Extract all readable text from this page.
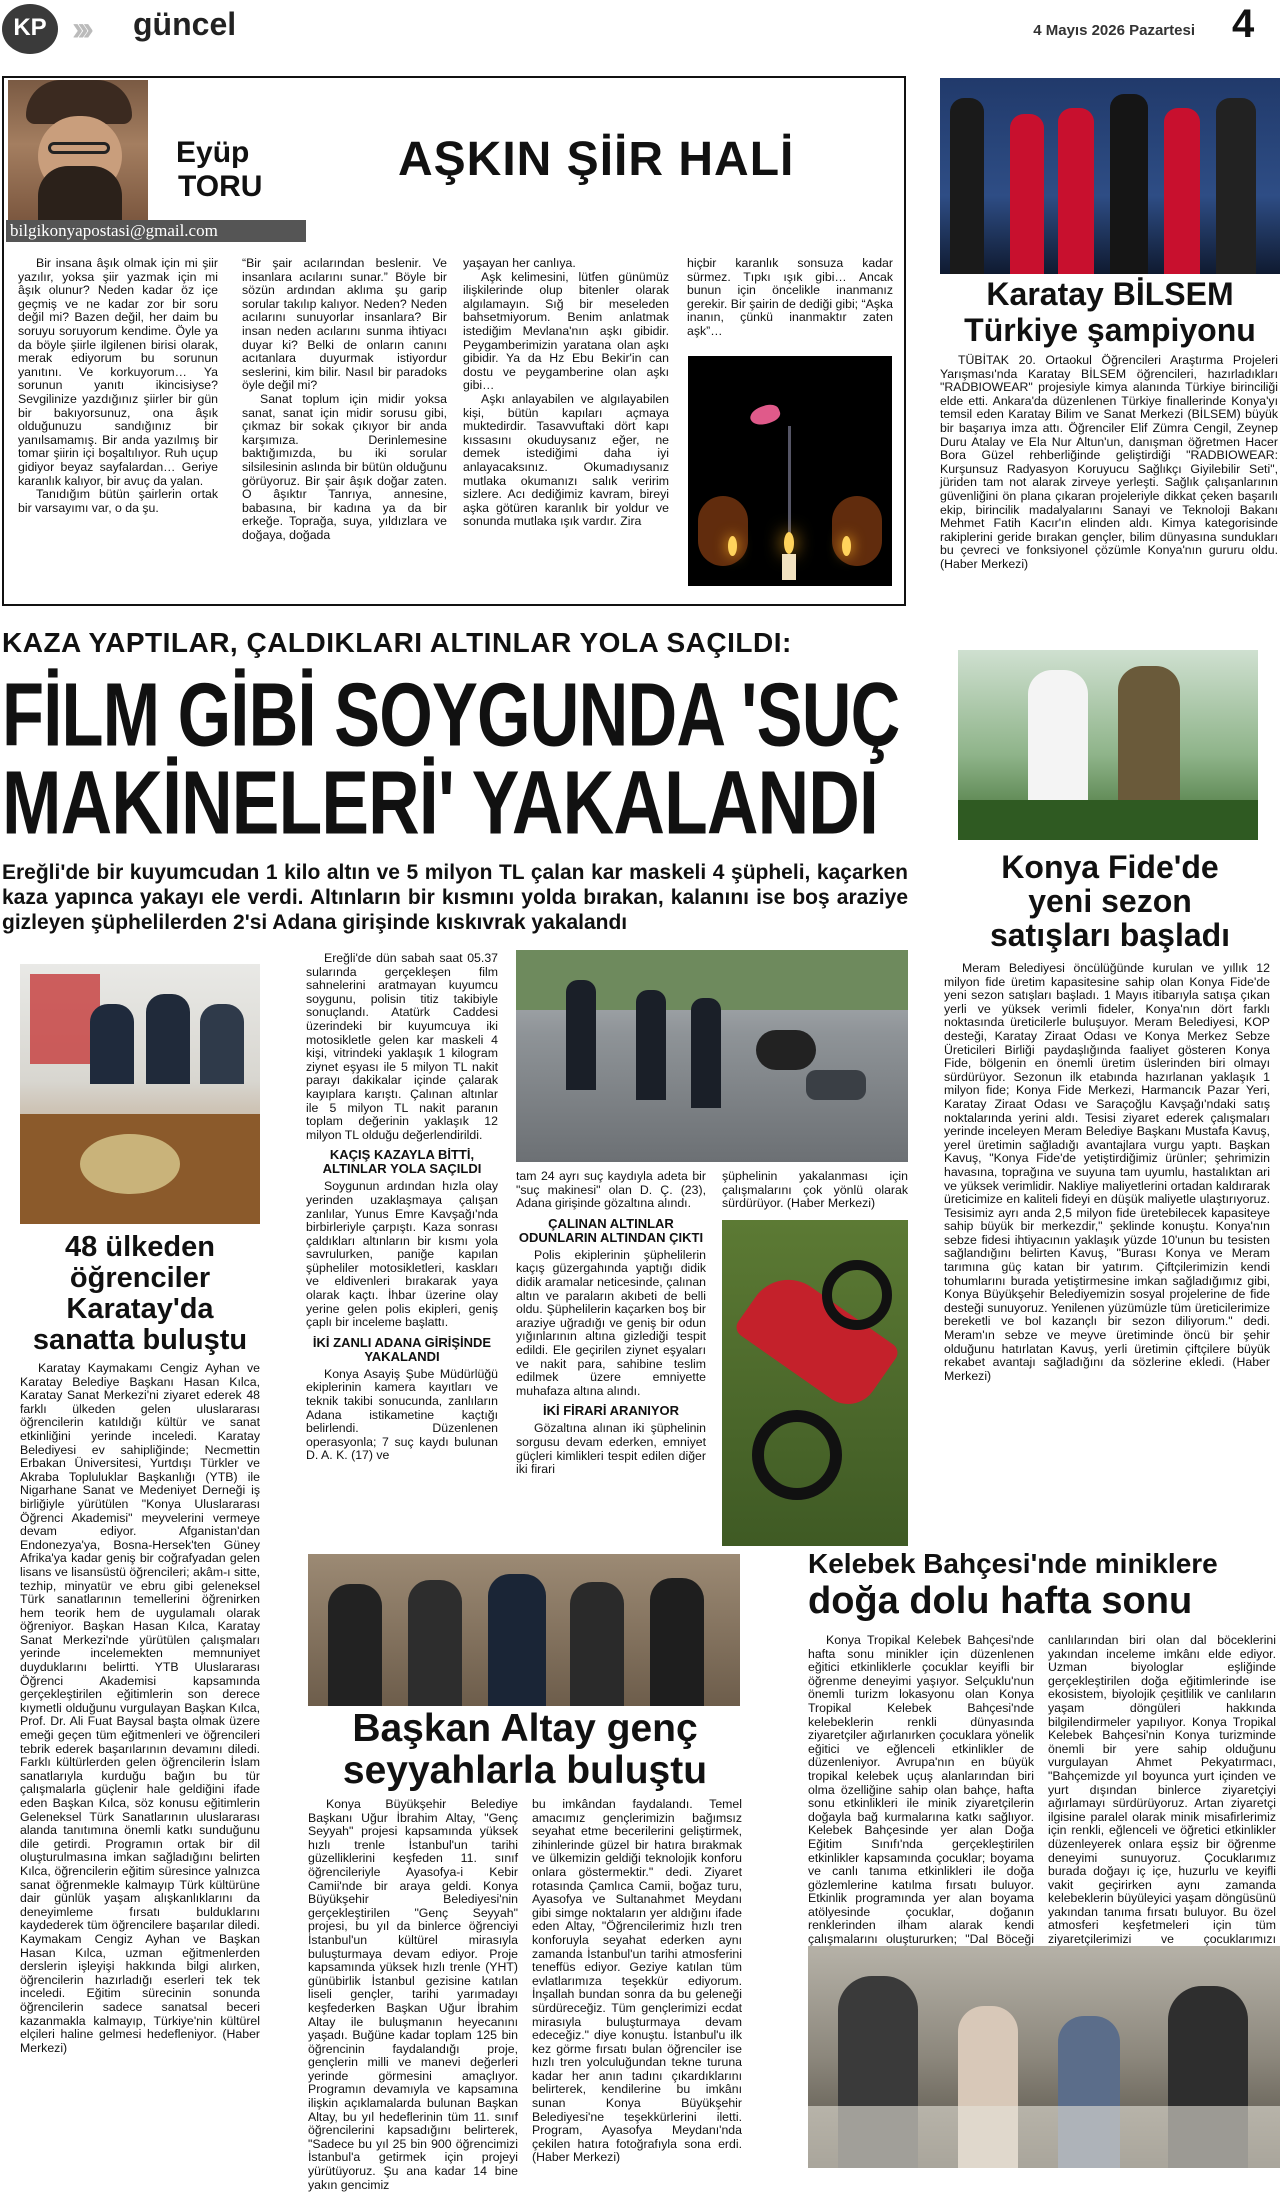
KP ››› güncel	4 Mayıs 2026 Pazartesi 4
Eyüp
TORU
bilgikonyapostasi@gmail.com
AŞKIN ŞİİR HALİ

Bir insana âşık olmak için mi şiir yazılır, yoksa şiir yazmak için mi âşık olunur? Neden kadar öz içe geçmiş ve ne kadar zor bir soru değil mi? Bazen değil, her daim bu soruyu soruyorum kendime. Öyle ya da böyle şiirle ilgilenen birisi olarak, merak ediyorum bu sorunun yanıtını. Ve korkuyorum… Ya sorunun yanıtı ikincisiyse? Sevgilinize yazdığınız şiirler bir gün bir bakıyorsunuz, ona âşık olduğunuzu sandığınız bir yanılsamamış. Bir anda yazılmış bir tomar şiirin içi boşaltılıyor. Ruh uçup gidiyor beyaz sayfalardan… Geriye karanlık kalıyor, bir avuç da yalan.

Tanıdığım bütün şairlerin ortak bir varsayımı var, o da şu.

“Bir şair acılarından beslenir. Ve insanlara acılarını sunar.” Böyle bir sözün ardından aklıma şu garip sorular takılıp kalıyor. Neden? Neden acılarını sunuyorlar insanlara? Bir insan neden acılarını sunma ihtiyacı duyar ki? Belki de onların canını acıtanlara duyurmak istiyordur seslerini, kim bilir. Nasıl bir paradoks öyle değil mi?

Sanat toplum için midir yoksa sanat, sanat için midir sorusu gibi, çıkmaz bir sokak çıkıyor bir anda karşımıza. Derinlemesine baktığımızda, bu iki sorular silsilesinin aslında bir bütün olduğunu görüyoruz. Bir şair âşık doğar zaten. O âşıktır Tanrıya, annesine, babasına, bir kadına ya da bir erkeğe. Toprağa, suya, yıldızlara ve doğaya, doğada

yaşayan her canlıya.

Aşk kelimesini, lütfen günümüz ilişkilerinde olup bitenler olarak algılamayın. Sığ bir meseleden bahsetmiyorum. Benim anlatmak istediğim Mevlana'nın aşkı gibidir. Peygamberimizin yaratana olan aşkı gibidir. Ya da Hz Ebu Bekir'in can dostu ve peygamberine olan aşkı gibi…

Aşkı anlayabilen ve algılayabilen kişi, bütün kapıları açmaya muktedirdir. Tasavvuftaki dört kapı kıssasını okuduysanız eğer, ne demek istediğimi daha iyi anlayacaksınız. Okumadıysanız mutlaka okumanızı salık veririm sizlere. Acı dediğimiz kavram, bireyi aşka götüren karanlık bir yoldur ve sonunda mutlaka ışık vardır. Zira

hiçbir karanlık sonsuza kadar sürmez. Tıpkı ışık gibi… Ancak bunun için öncelikle inanmanız gerekir. Bir şairin de dediği gibi; “Aşka inanın, çünkü inanmaktır zaten aşk”…

Karatay BİLSEM
Türkiye şampiyonu

TÜBİTAK 20. Ortaokul Öğrencileri Araştırma Projeleri Yarışması'nda Karatay BİLSEM öğrencileri, hazırladıkları "RADBIOWEAR" projesiyle kimya alanında Türkiye birinciliği elde etti. Ankara'da düzenlenen Türkiye finallerinde Konya'yı temsil eden Karatay Bilim ve Sanat Merkezi (BİLSEM) büyük bir başarıya imza attı. Öğrenciler Elif Zümra Cengil, Zeynep Duru Atalay ve Ela Nur Altun'un, danışman öğretmen Hacer Bora Güzel rehberliğinde geliştirdiği "RADBIOWEAR: Kurşunsuz Radyasyon Koruyucu Sağlıkçı Giyilebilir Seti", jüriden tam not alarak zirveye yerleşti. Sağlık çalışanlarının güvenliğini ön plana çıkaran projeleriyle dikkat çeken başarılı ekip, birincilik madalyalarını Sanayi ve Teknoloji Bakanı Mehmet Fatih Kacır'ın elinden aldı. Kimya kategorisinde rakiplerini geride bırakan gençler, bilim dünyasına sundukları bu çevreci ve fonksiyonel çözümle Konya'nın gururu oldu. (Haber Merkezi)

KAZA YAPTILAR, ÇALDIKLARI ALTINLAR YOLA SAÇILDI:
FİLM GİBİ SOYGUNDA 'SUÇ
MAKİNELERİ' YAKALANDI
Ereğli'de bir kuyumcudan 1 kilo altın ve 5 milyon TL çalan kar maskeli 4 şüpheli, kaçarken kaza yapınca yakayı ele verdi. Altınların bir kısmını yolda bırakan, kalanını ise boş araziye gizleyen şüphelilerden 2'si Adana girişinde kıskıvrak yakalandı
48 ülkeden
öğrenciler
Karatay'da
sanatta buluştu

Karatay Kaymakamı Cengiz Ayhan ve Karatay Belediye Başkanı Hasan Kılca, Karatay Sanat Merkezi'ni ziyaret ederek 48 farklı ülkeden gelen uluslararası öğrencilerin katıldığı kültür ve sanat etkinliğini yerinde inceledi. Karatay Belediyesi ev sahipliğinde; Necmettin Erbakan Üniversitesi, Yurtdışı Türkler ve Akraba Topluluklar Başkanlığı (YTB) ile Nigarhane Sanat ve Medeniyet Derneği iş birliğiyle yürütülen "Konya Uluslararası Öğrenci Akademisi" meyvelerini vermeye devam ediyor. Afganistan'dan Endonezya'ya, Bosna-Hersek'ten Güney Afrika'ya kadar geniş bir coğrafyadan gelen lisans ve lisansüstü öğrencileri; akâm-ı sitte, tezhip, minyatür ve ebru gibi geleneksel Türk sanatlarının temellerini öğrenirken hem teorik hem de uygulamalı olarak öğreniyor. Başkan Hasan Kılca, Karatay Sanat Merkezi'nde yürütülen çalışmaları yerinde incelemekten memnuniyet duyduklarını belirtti. YTB Uluslararası Öğrenci Akademisi kapsamında gerçekleştirilen eğitimlerin son derece kıymetli olduğunu vurgulayan Başkan Kılca, Prof. Dr. Ali Fuat Baysal başta olmak üzere emeği geçen tüm eğitmenleri ve öğrencileri tebrik ederek başarılarının devamını diledi. Farklı kültürlerden gelen öğrencilerin İslam sanatlarıyla kurduğu bağın bu tür çalışmalarla güçlenir hale geldiğini ifade eden Başkan Kılca, söz konusu eğitimlerin Geleneksel Türk Sanatlarının uluslararası alanda tanıtımına önemli katkı sunduğunu dile getirdi. Programın ortak bir dil oluşturulmasına imkan sağladığını belirten Kılca, öğrencilerin eğitim süresince yalnızca sanat öğrenmekle kalmayıp Türk kültürüne dair günlük yaşam alışkanlıklarını da deneyimleme fırsatı bulduklarını kaydederek tüm öğrencilere başarılar diledi. Kaymakam Cengiz Ayhan ve Başkan Hasan Kılca, uzman eğitmenlerden derslerin işleyişi hakkında bilgi alırken, öğrencilerin hazırladığı eserleri tek tek inceledi. Eğitim sürecinin sonunda öğrencilerin sadece sanatsal beceri kazanmakla kalmayıp, Türkiye'nin kültürel elçileri haline gelmesi hedefleniyor. (Haber Merkezi)

Ereğli'de dün sabah saat 05.37 sularında gerçekleşen film sahnelerini aratmayan kuyumcu soygunu, polisin titiz takibiyle sonuçlandı. Atatürk Caddesi üzerindeki bir kuyumcuya iki motosikletle gelen kar maskeli 4 kişi, vitrindeki yaklaşık 1 kilogram ziynet eşyası ile 5 milyon TL nakit parayı dakikalar içinde çalarak kayıplara karıştı. Çalınan altınlar ile 5 milyon TL nakit paranın toplam değerinin yaklaşık 12 milyon TL olduğu değerlendirildi.

KAÇIŞ KAZAYLA BİTTİ, ALTINLAR YOLA SAÇILDI

Soygunun ardından hızla olay yerinden uzaklaşmaya çalışan zanlılar, Yunus Emre Kavşağı'nda birbirleriyle çarpıştı. Kaza sonrası çaldıkları altınların bir kısmı yola savrulurken, paniğe kapılan şüpheliler motosikletleri, kaskları ve eldivenleri bırakarak yaya olarak kaçtı. İhbar üzerine olay yerine gelen polis ekipleri, geniş çaplı bir inceleme başlattı.

İKİ ZANLI ADANA GİRİŞİNDE YAKALANDI

Konya Asayiş Şube Müdürlüğü ekiplerinin kamera kayıtları ve teknik takibi sonucunda, zanlıların Adana istikametine kaçtığı belirlendi. Düzenlenen operasyonla; 7 suç kaydı bulunan D. A. K. (17) ve

tam 24 ayrı suç kaydıyla adeta bir "suç makinesi" olan D. Ç. (23), Adana girişinde gözaltına alındı.

ÇALINAN ALTINLAR ODUNLARIN ALTINDAN ÇIKTI

Polis ekiplerinin şüphelilerin kaçış güzergahında yaptığı didik didik aramalar neticesinde, çalınan altın ve paraların akıbeti de belli oldu. Şüphelilerin kaçarken boş bir araziye uğradığı ve geniş bir odun yığınlarının altına gizlediği tespit edildi. Ele geçirilen ziynet eşyaları ve nakit para, sahibine teslim edilmek üzere emniyette muhafaza altına alındı.

İKİ FİRARİ ARANIYOR

Gözaltına alınan iki şüphelinin sorgusu devam ederken, emniyet güçleri kimlikleri tespit edilen diğer iki firari

şüphelinin yakalanması için çalışmalarını çok yönlü olarak sürdürüyor. (Haber Merkezi)

Konya Fide'de
yeni sezon
satışları başladı

Meram Belediyesi öncülüğünde kurulan ve yıllık 12 milyon fide üretim kapasitesine sahip olan Konya Fide'de yeni sezon satışları başladı. 1 Mayıs itibarıyla satışa çıkan yerli ve yüksek verimli fideler, Konya'nın dört farklı noktasında üreticilerle buluşuyor. Meram Belediyesi, KOP desteği, Karatay Ziraat Odası ve Konya Merkez Sebze Üreticileri Birliği paydaşlığında faaliyet gösteren Konya Fide, bölgenin en önemli üretim üslerinden biri olmayı sürdürüyor. Sezonun ilk etabında hazırlanan yaklaşık 1 milyon fide; Konya Fide Merkezi, Harmancık Pazar Yeri, Karatay Ziraat Odası ve Saraçoğlu Kavşağı'ndaki satış noktalarında yerini aldı. Tesisi ziyaret ederek çalışmaları yerinde inceleyen Meram Belediye Başkanı Mustafa Kavuş, yerel üretimin sağladığı avantajlara vurgu yaptı. Başkan Kavuş, "Konya Fide'de yetiştirdiğimiz ürünler; şehrimizin havasına, toprağına ve suyuna tam uyumlu, hastalıktan ari ve yüksek verimlidir. Nakliye maliyetlerini ortadan kaldırarak üreticimize en kaliteli fideyi en düşük maliyetle ulaştırıyoruz. Tesisimiz ayrı anda 2,5 milyon fide üretebilecek kapasiteye sahip büyük bir merkezdir," şeklinde konuştu. Konya'nın sebze fidesi ihtiyacının yaklaşık yüzde 10'unun bu tesisten sağlandığını belirten Kavuş, "Burası Konya ve Meram tarımına güç katan bir yatırım. Çiftçilerimizin kendi tohumlarını burada yetiştirmesine imkan sağladığımız gibi, Konya Büyükşehir Belediyemizin sosyal projelerine de fide desteği sunuyoruz. Yenilenen yüzümüzle tüm üreticilerimize bereketli ve bol kazançlı bir sezon diliyorum." dedi. Meram'ın sebze ve meyve üretiminde öncü bir şehir olduğunu hatırlatan Kavuş, yerli üretimin çiftçilere büyük rekabet avantajı sağladığını da sözlerine ekledi. (Haber Merkezi)

Başkan Altay genç
seyyahlarla buluştu

Konya Büyükşehir Belediye Başkanı Uğur İbrahim Altay, "Genç Seyyah" projesi kapsamında yüksek hızlı trenle İstanbul'un tarihi güzelliklerini keşfeden 11. sınıf öğrencileriyle Ayasofya-i Kebir Camii'nde bir araya geldi. Konya Büyükşehir Belediyesi'nin gerçekleştirilen "Genç Seyyah" projesi, bu yıl da binlerce öğrenciyi İstanbul'un kültürel mirasıyla buluşturmaya devam ediyor. Proje kapsamında yüksek hızlı trenle (YHT) günübirlik İstanbul gezisine katılan liseli gençler, tarihi yarımadayı keşfederken Başkan Uğur İbrahim Altay ile buluşmanın heyecanını yaşadı. Buğüne kadar toplam 125 bin öğrencinin faydalandığı proje, gençlerin milli ve manevi değerleri yerinde görmesini amaçlıyor. Programın devamıyla ve kapsamına ilişkin açıklamalarda bulunan Başkan Altay, bu yıl hedeflerinin tüm 11. sınıf öğrencilerini kapsadığını belirterek, "Sadece bu yıl 25 bin 900 öğrencimizi İstanbul'a getirmek için projeyi yürütüyoruz. Şu ana kadar 14 bine yakın gencimiz

bu imkândan faydalandı. Temel amacımız gençlerimizin bağımsız seyahat etme becerilerini geliştirmek, zihinlerinde güzel bir hatıra bırakmak ve ülkemizin geldiği teknolojik konforu onlara göstermektir." dedi. Ziyaret rotasında Çamlıca Camii, boğaz turu, Ayasofya ve Sultanahmet Meydanı gibi simge noktaların yer aldığını ifade eden Altay, "Öğrencilerimiz hızlı tren konforuyla seyahat ederken aynı zamanda İstanbul'un tarihi atmosferini teneffüs ediyor. Geziye katılan tüm evlatlarımıza teşekkür ediyorum. İnşallah bundan sonra da bu geleneği sürdüreceğiz. Tüm gençlerimizi ecdat mirasıyla buluşturmaya devam edeceğiz." diye konuştu. İstanbul'u ilk kez görme fırsatı bulan öğrenciler ise hızlı tren yolculuğundan tekne turuna kadar her anın tadını çıkardıklarını belirterek, kendilerine bu imkânı sunan Konya Büyükşehir Belediyesi'ne teşekkürlerini iletti. Program, Ayasofya Meydanı'nda çekilen hatıra fotoğrafıyla sona erdi. (Haber Merkezi)

Kelebek Bahçesi'nde miniklere
doğa dolu hafta sonu

Konya Tropikal Kelebek Bahçesi'nde hafta sonu minikler için düzenlenen eğitici etkinliklerle çocuklar keyifli bir öğrenme deneyimi yaşıyor. Selçuklu'nun önemli turizm lokasyonu olan Konya Tropikal Kelebek Bahçesi'nde kelebeklerin renkli dünyasında ziyaretçiler ağırlanırken çocuklara yönelik eğitici ve eğlenceli etkinlikler de düzenleniyor. Avrupa'nın en büyük tropikal kelebek uçuş alanlarından biri olma özelliğine sahip olan bahçe, hafta sonu etkinlikleri ile minik ziyaretçilerin doğayla bağ kurmalarına katkı sağlıyor. Kelebek Bahçesinde yer alan Doğa Eğitim Sınıfı'nda gerçekleştirilen etkinlikler kapsamında çocuklar; boyama ve canlı tanıma etkinlikleri ile doğa gözlemlerine katılma fırsatı buluyor. Etkinlik programında yer alan boyama atölyesinde çocuklar, doğanın renklerinden ilham alarak kendi çalışmalarını oluştururken; "Dal Böceği

canlılarından biri olan dal böceklerini yakından inceleme imkânı elde ediyor. Uzman biyologlar eşliğinde gerçekleştirilen doğa eğitimlerinde ise ekosistem, biyolojik çeşitlilik ve canlıların yaşam döngüleri hakkında bilgilendirmeler yapılıyor. Konya Tropikal Kelebek Bahçesi'nin Konya turizminde önemli bir yere sahip olduğunu vurgulayan Ahmet Pekyatırmacı, "Bahçemizde yıl boyunca yurt içinden ve yurt dışından binlerce ziyaretçiyi ağırlamayı sürdürüyoruz. Artan ziyaretçi ilgisine paralel olarak minik misafirlerimiz için renkli, eğlenceli ve öğretici etkinlikler düzenleyerek onlara eşsiz bir öğrenme deneyimi sunuyoruz. Çocuklarımız burada doğayı iç içe, huzurlu ve keyifli vakit geçirirken aynı zamanda kelebeklerin büyüleyici yaşam döngüsünü yakından tanıma fırsatı buluyor. Bu özel atmosferi keşfetmeleri için tüm ziyaretçilerimizi ve çocuklarımızı
